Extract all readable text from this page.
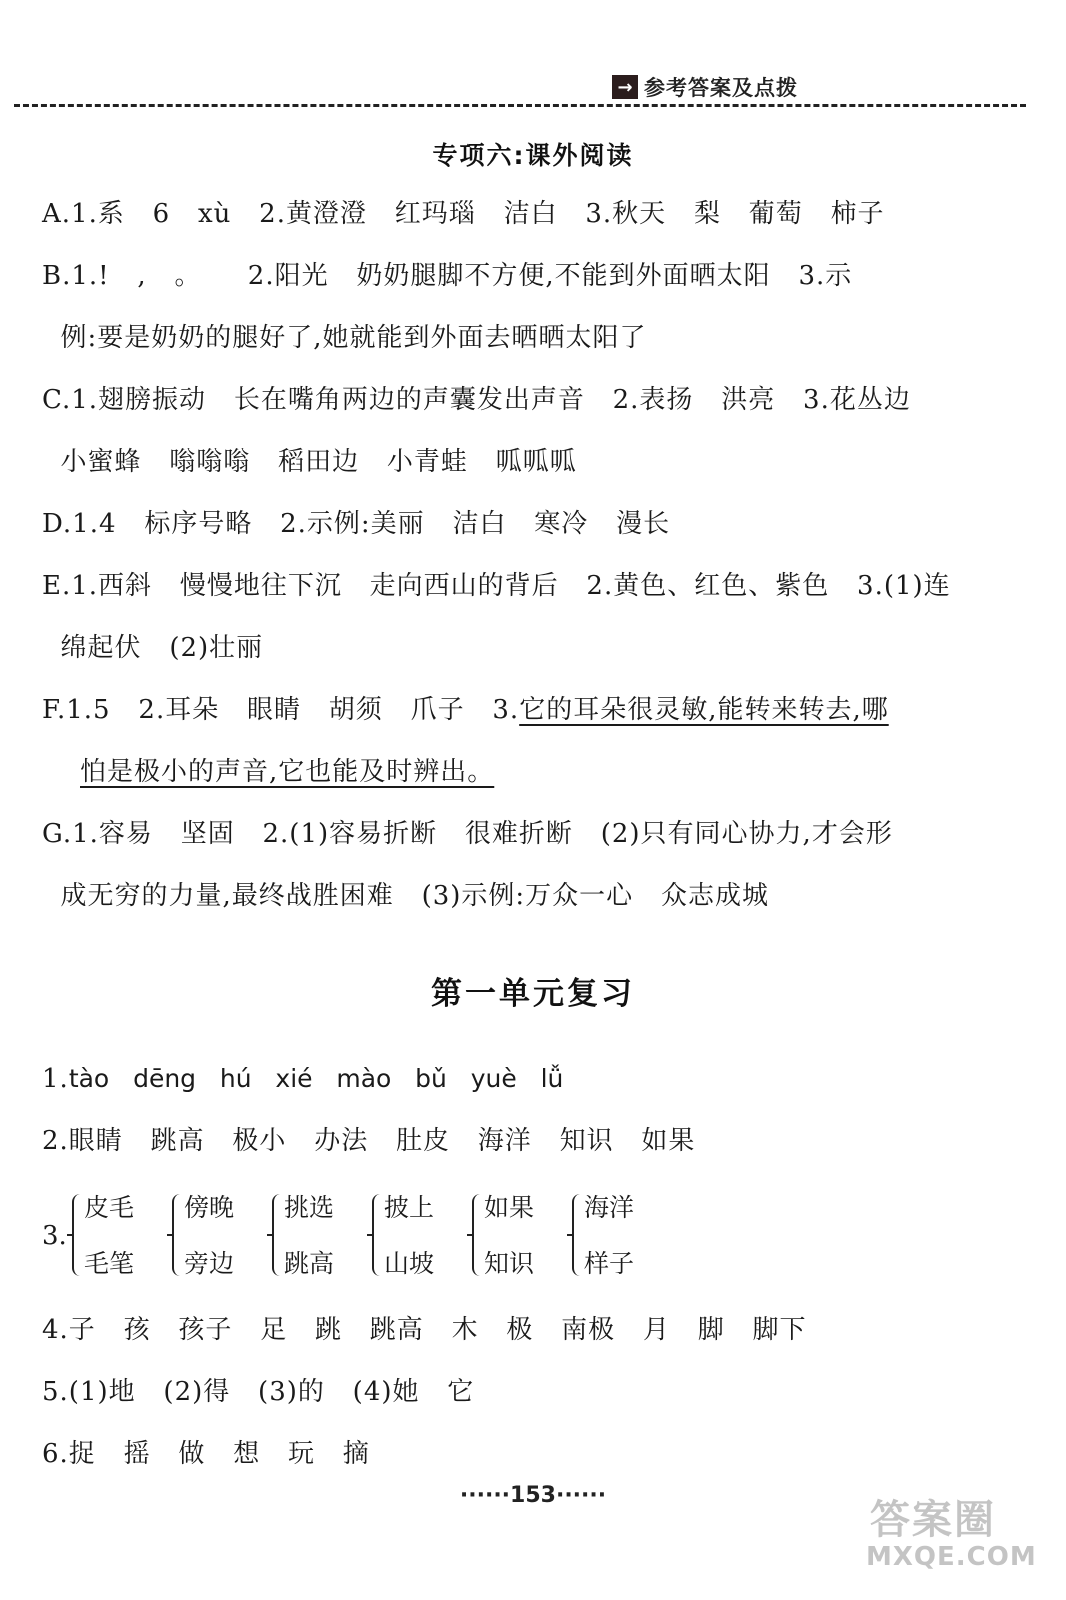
→ 参考答案及点拨
专项六:课外阅读
A.1.系   6   xù   2.黄澄澄   红玛瑙   洁白   3.秋天   梨   葡萄   柿子
B.1.!   ,   。     2.阳光   奶奶腿脚不方便,不能到外面晒太阳   3.示
例:要是奶奶的腿好了,她就能到外面去晒晒太阳了
C.1.翅膀振动   长在嘴角两边的声囊发出声音   2.表扬   洪亮   3.花丛边
小蜜蜂   嗡嗡嗡   稻田边   小青蛙   呱呱呱
D.1.4   标序号略   2.示例:美丽   洁白   寒冷   漫长
E.1.西斜   慢慢地往下沉   走向西山的背后   2.黄色、红色、紫色   3.(1)连
绵起伏   (2)壮丽
F.1.5   2.耳朵   眼睛   胡须   爪子   3.它的耳朵很灵敏,能转来转去,哪
怕是极小的声音,它也能及时辨出。
G.1.容易   坚固   2.(1)容易折断   很难折断   (2)只有同心协力,才会形
成无穷的力量,最终战胜困难   (3)示例:万众一心   众志成城
第一单元复习
1.tào   dēng   hú   xié   mào   bǔ   yuè   lǚ
2.眼睛   跳高   极小   办法   肚皮   海洋   知识   如果
3.
皮毛
毛笔
傍晚
旁边
挑选
跳高
披上
山坡
如果
知识
海洋
样子
4.子   孩   孩子   足   跳   跳高   木   极   南极   月   脚   脚下
5.(1)地   (2)得   (3)的   (4)她   它
6.捉   摇   做   想   玩   摘
······153······
答案圈
MXQE.COM
